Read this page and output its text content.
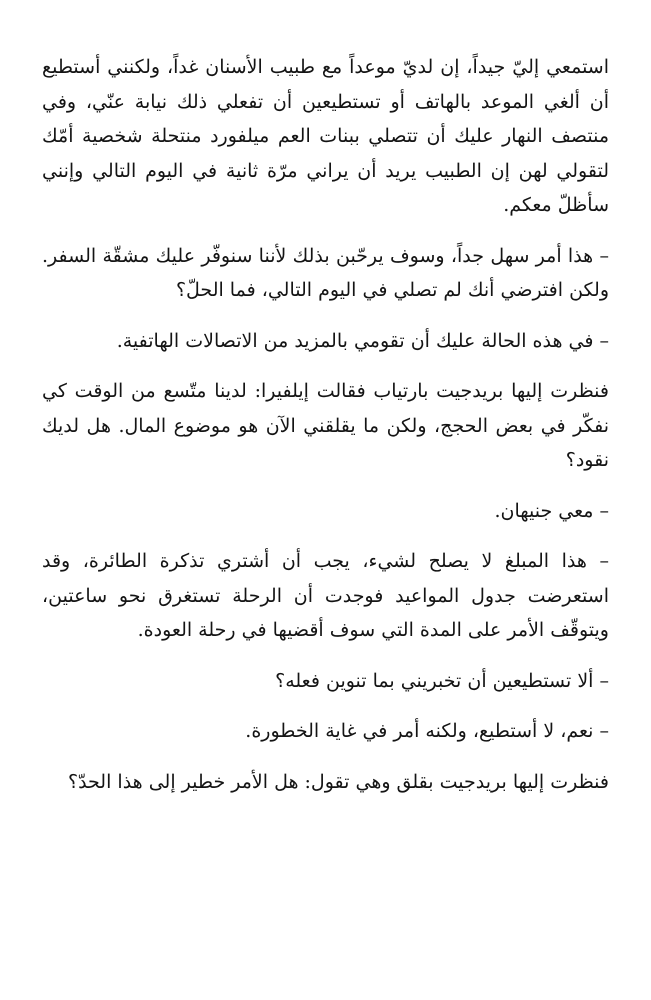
استمعي إليّ جيداً، إن لديّ موعداً مع طبيب الأسنان غداً، ولكنني أستطيع أن ألغي الموعد بالهاتف أو تستطيعين أن تفعلي ذلك نيابة عنّي، وفي منتصف النهار عليك أن تتصلي ببنات العم ميلفورد منتحلة شخصية أمّك لتقولي لهن إن الطبيب يريد أن يراني مرّة ثانية في اليوم التالي وإنني سأظلّ معكم.

– هذا أمر سهل جداً، وسوف يرحّبن بذلك لأننا سنوفّر عليك مشقّة السفر. ولكن افترضي أنك لم تصلي في اليوم التالي، فما الحلّ؟

– في هذه الحالة عليك أن تقومي بالمزيد من الاتصالات الهاتفية.

فنظرت إليها بريدجيت بارتياب فقالت إيلفيرا: لدينا متّسع من الوقت كي نفكّر في بعض الحجج، ولكن ما يقلقني الآن هو موضوع المال. هل لديك نقود؟

– معي جنيهان.

– هذا المبلغ لا يصلح لشيء، يجب أن أشتري تذكرة الطائرة، وقد استعرضت جدول المواعيد فوجدت أن الرحلة تستغرق نحو ساعتين، ويتوقّف الأمر على المدة التي سوف أقضيها في رحلة العودة.

– ألا تستطيعين أن تخبريني بما تنوين فعله؟

– نعم، لا أستطيع، ولكنه أمر في غاية الخطورة.

فنظرت إليها بريدجيت بقلق وهي تقول: هل الأمر خطير إلى هذا الحدّ؟
